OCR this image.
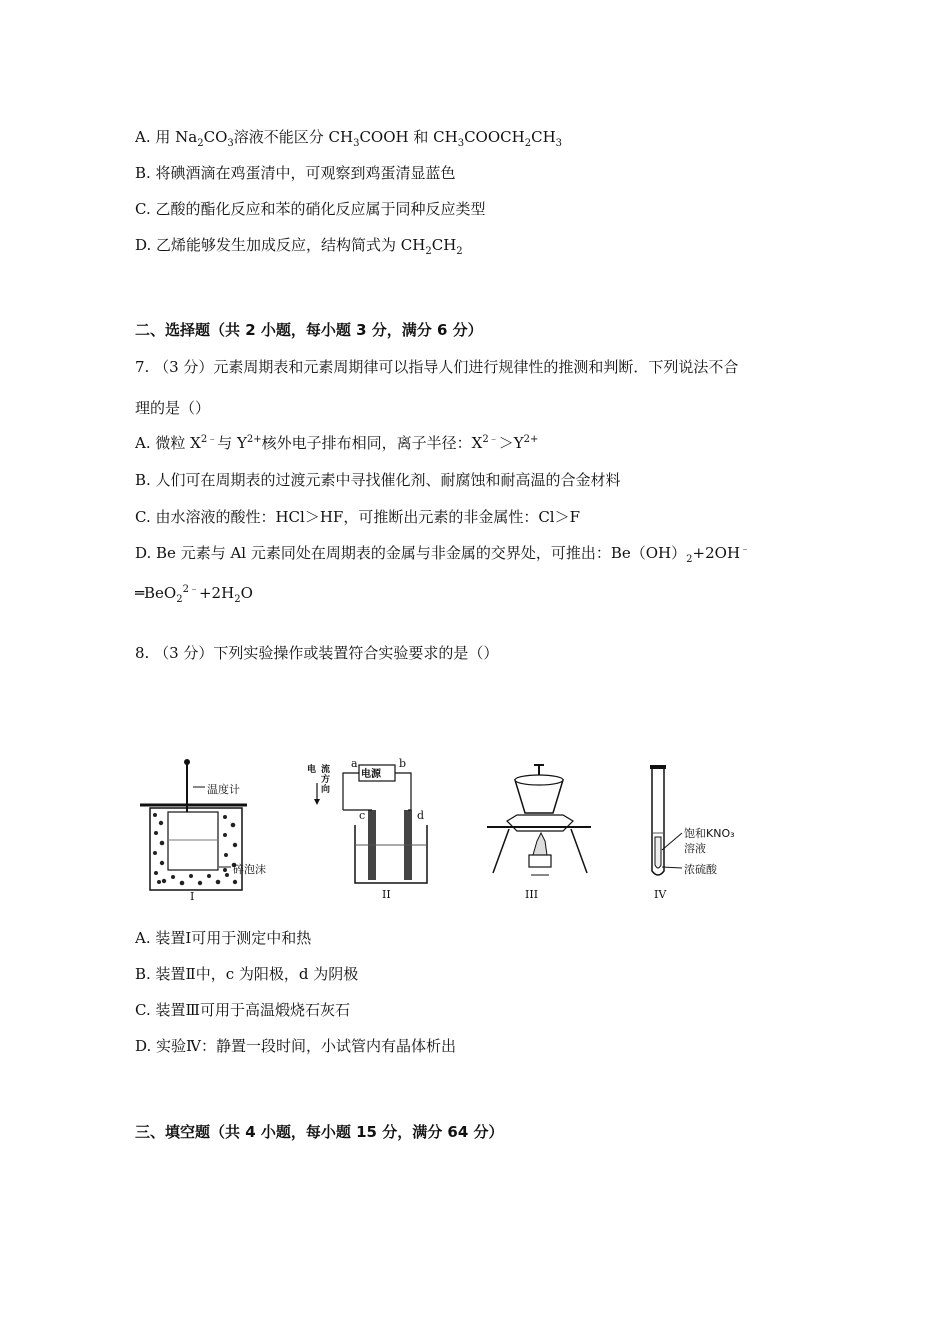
A. 用 $Na_2CO_3$溶液不能区分 $CH_3COOH$ 和 $CH_3COOCH_2CH_3$
B. 将碘酒滴在鸡蛋清中，可观察到鸡蛋清显蓝色
C. 乙酸的酯化反应和苯的硝化反应属于同种反应类型
D. 乙烯能够发生加成反应，结构简式为 $CH_2CH_2$
二、选择题（共 2 小题，每小题 3 分，满分 6 分）
7. （3 分）元素周期表和元素周期律可以指导人们进行规律性的推测和判断．下列说法不合
理的是（）
A. 微粒 $X^{2﹣}$与 $Y^{2+}$核外电子排布相同，离子半径：$X^{2﹣}>Y^{2+}$
B. 人们可在周期表的过渡元素中寻找催化剂、耐腐蚀和耐高温的合金材料
C. 由水溶液的酸性：HCl＞HF，可推断出元素的非金属性：Cl＞F
D. Be 元素与 Al 元素同处在周期表的金属与非金属的交界处，可推出：$Be(OH)_2+2OH^﹣$
$═BeO_2^{2﹣}+2H_2O$
8. （3 分）下列实验操作或装置符合实验要求的是（）
温度计
碎泡沫
I
电源
a	b
c	d
电 流
方
向
II	III
饱和KNO₃
溶液
浓硫酸
IV
A. 装置Ⅰ可用于测定中和热
B. 装置Ⅱ中，c 为阳极，d 为阴极
C. 装置Ⅲ可用于高温煅烧石灰石
D. 实验Ⅳ：静置一段时间，小试管内有晶体析出
三、填空题（共 4 小题，每小题 15 分，满分 64 分）
